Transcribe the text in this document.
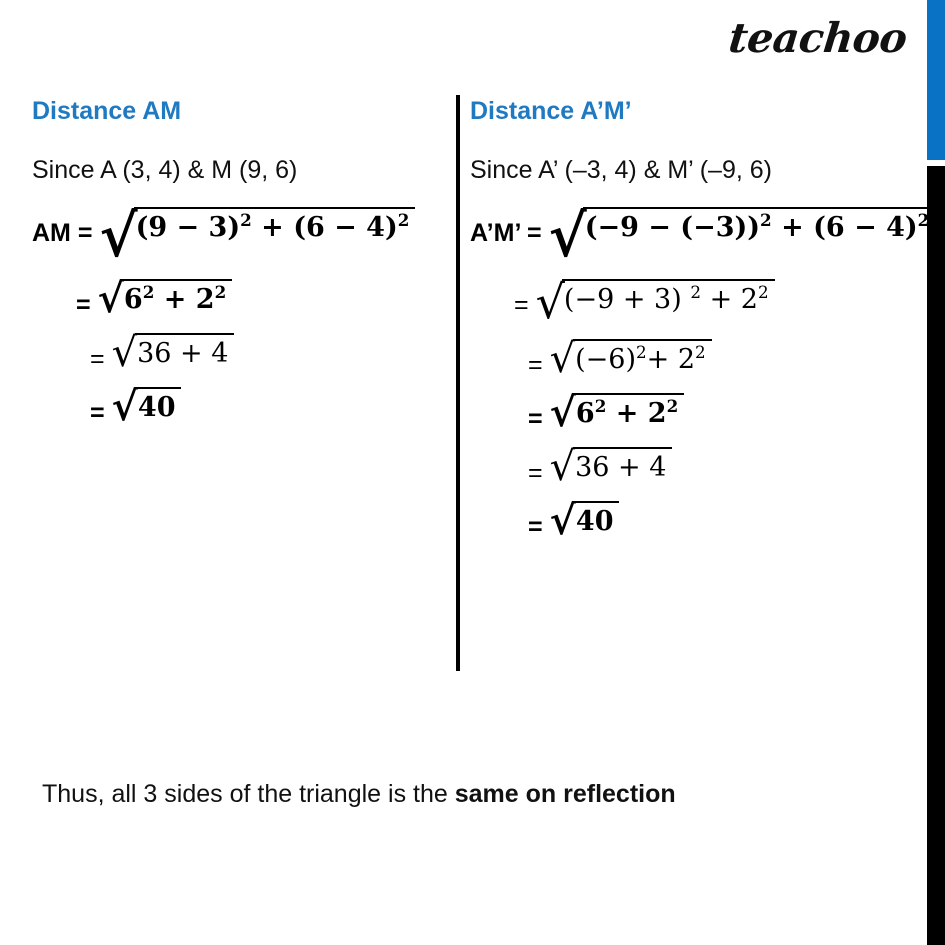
teachoo
Distance AM
Since A (3, 4) & M (9, 6)
AM = √
$(9 - 3)^2 + (6 - 4)^2$
= √ $6^2 + 2^2$
= √ 36 + 4
= √ 40
Distance A’M’
Since A’ (–3, 4) & M’ (–9, 6)
A’M’ = √
$(-9 - (-3))^2 + (6 - 4)^2$
= √ (−9 + 3) $^2 + 2^2$
= √ $(-6)^2+ 2^2$
= √ $6^2 + 2^2$
= √ 36 + 4
= √ 40
Thus, all 3 sides of the triangle is the same on reflection
